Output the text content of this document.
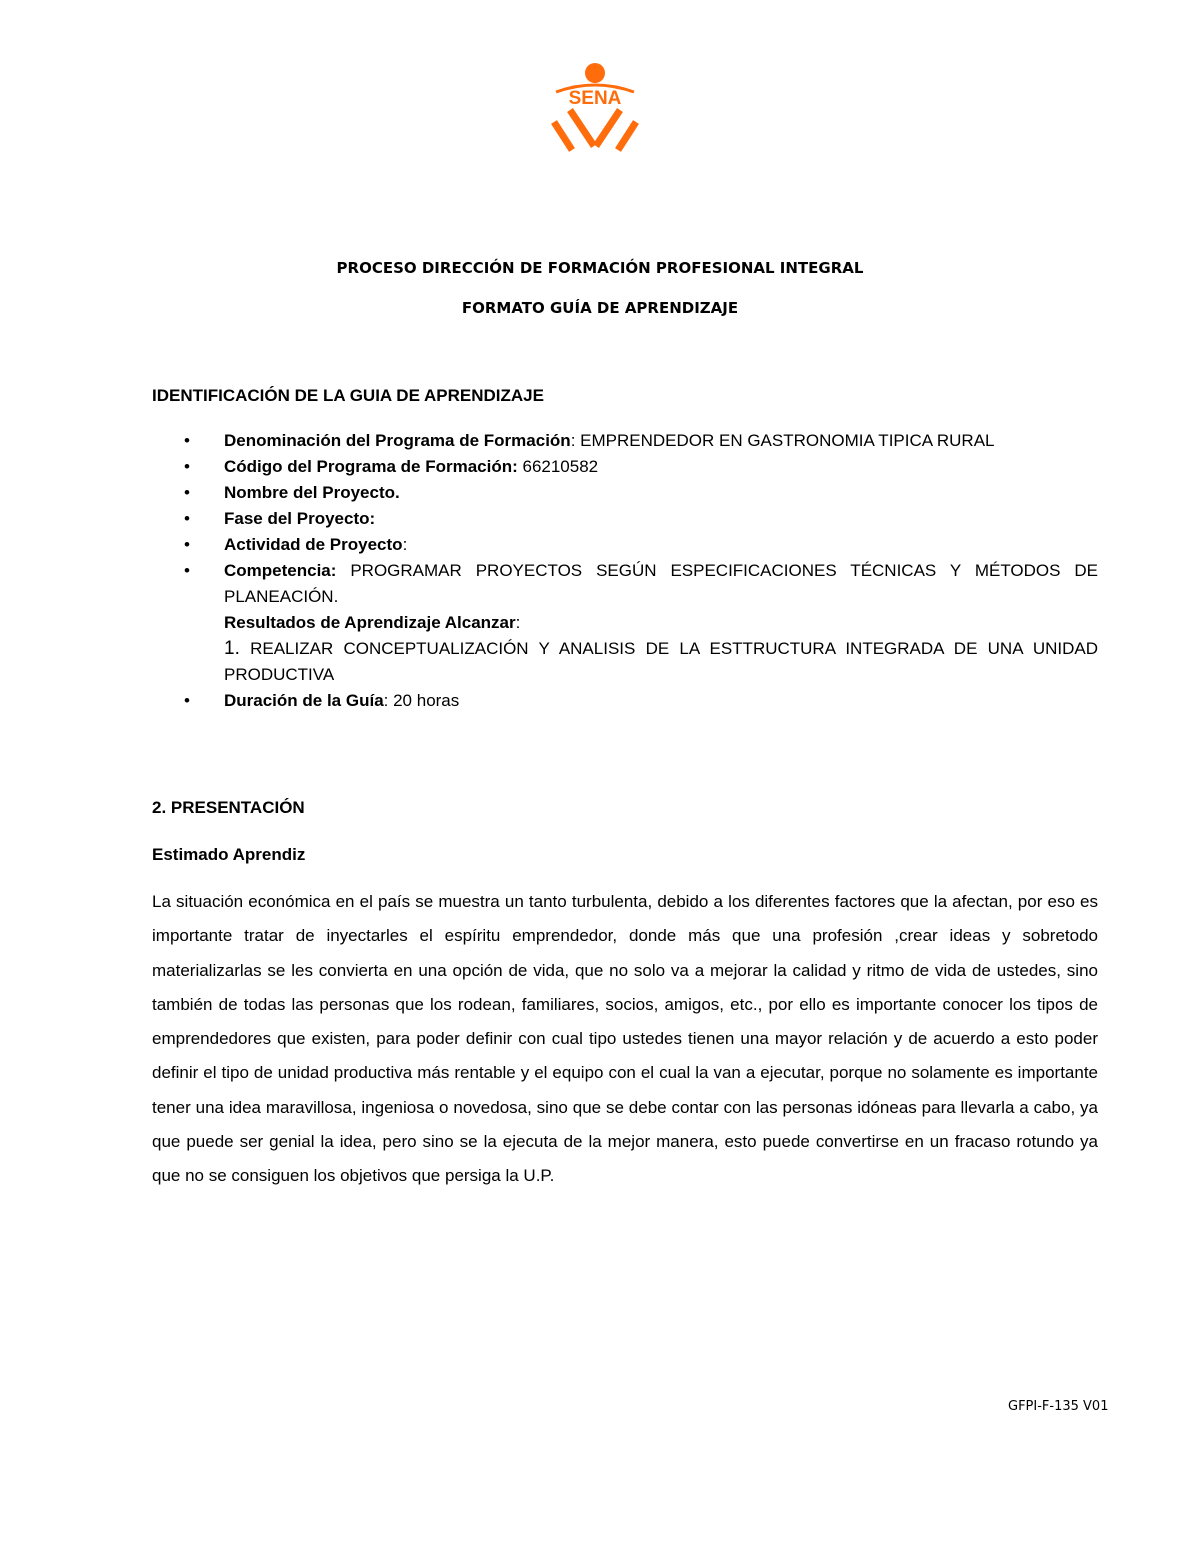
SENA
PROCESO DIRECCIÓN DE FORMACIÓN PROFESIONAL INTEGRAL
FORMATO GUÍA DE APRENDIZAJE
IDENTIFICACIÓN DE LA GUIA DE APRENDIZAJE
• Denominación del Programa de Formación: EMPRENDEDOR EN GASTRONOMIA TIPICA RURAL
• Código del Programa de Formación: 66210582
• Nombre del Proyecto.
• Fase del Proyecto:
• Actividad de Proyecto:
• Competencia: PROGRAMAR PROYECTOS SEGÚN ESPECIFICACIONES TÉCNICAS Y MÉTODOS DE PLANEACIÓN.
Resultados de Aprendizaje Alcanzar:
1. REALIZAR CONCEPTUALIZACIÓN Y ANALISIS DE LA ESTTRUCTURA INTEGRADA DE UNA UNIDAD PRODUCTIVA
• Duración de la Guía: 20 horas
2. PRESENTACIÓN
Estimado Aprendiz

La situación económica en el país se muestra un tanto turbulenta, debido a los diferentes factores que la afectan, por eso es importante tratar de inyectarles el espíritu emprendedor, donde más que una profesión ,crear ideas y sobretodo materializarlas se les convierta en una opción de vida, que no solo va a mejorar la calidad y ritmo de vida de ustedes, sino también de todas las personas que los rodean, familiares, socios, amigos, etc., por ello es importante conocer los tipos de emprendedores que existen, para poder definir con cual tipo ustedes tienen una mayor relación y de acuerdo a esto poder definir el tipo de unidad productiva más rentable y el equipo con el cual la van a ejecutar, porque no solamente es importante tener una idea maravillosa, ingeniosa o novedosa, sino que se debe contar con las personas idóneas para llevarla a cabo, ya que puede ser genial la idea, pero sino se la ejecuta de la mejor manera, esto puede convertirse en un fracaso rotundo ya que no se consiguen los objetivos que persiga la U.P.

GFPI-F-135 V01
